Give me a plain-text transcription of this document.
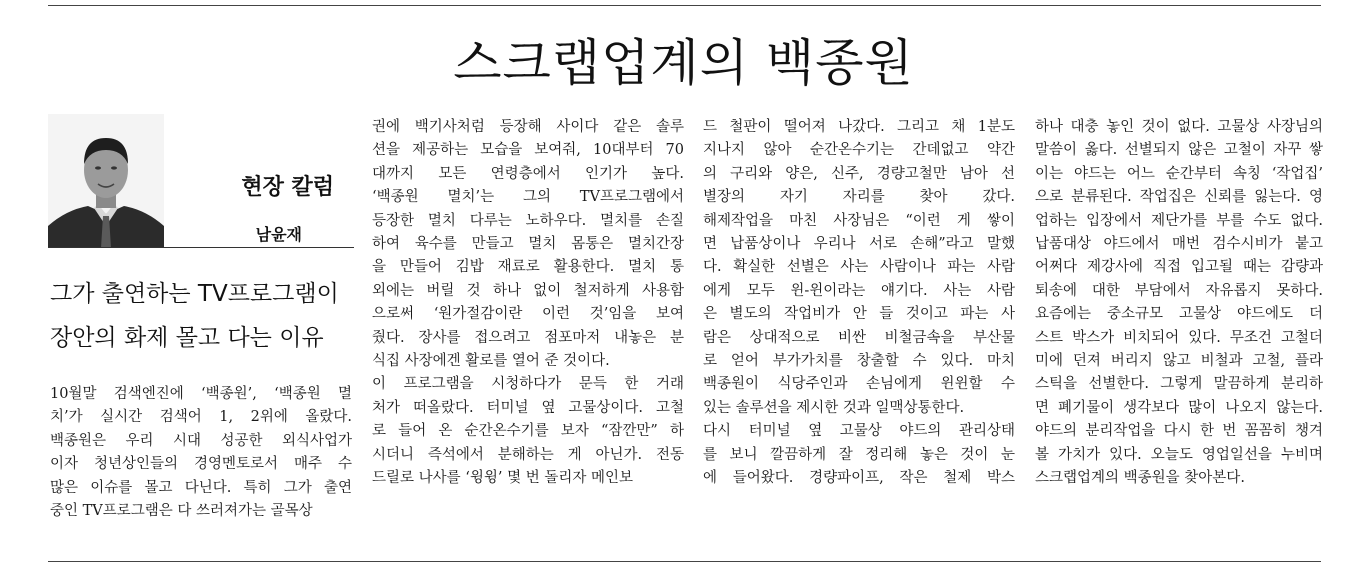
스크랩업계의 백종원
현장 칼럼
남윤재
그가 출연하는 TV프로그램이
장안의 화제 몰고 다는 이유
10월말 검색엔진에 ‘백종원’, ‘백종원 멸
치’가 실시간 검색어 1, 2위에 올랐다.
백종원은 우리 시대 성공한 외식사업가
이자 청년상인들의 경영멘토로서 매주 수
많은 이슈를 몰고 다닌다. 특히 그가 출연
중인 TV프로그램은 다 쓰러져가는 골목상
권에 백기사처럼 등장해 사이다 같은 솔루
션을 제공하는 모습을 보여줘, 10대부터 70
대까지 모든 연령층에서 인기가 높다.
‘백종원 멸치’는 그의 TV프로그램에서
등장한 멸치 다루는 노하우다. 멸치를 손질
하여 육수를 만들고 멸치 몸통은 멸치간장
을 만들어 김밥 재료로 활용한다. 멸치 통
외에는 버릴 것 하나 없이 철저하게 사용함
으로써 ‘원가절감이란 이런 것’임을 보여
줬다. 장사를 접으려고 점포마저 내놓은 분
식집 사장에겐 활로를 열어 준 것이다.
이 프로그램을 시청하다가 문득 한 거래
처가 떠올랐다. 터미널 옆 고물상이다. 고철
로 들어 온 순간온수기를 보자 “잠깐만” 하
시더니 즉석에서 분해하는 게 아닌가. 전동
드릴로 나사를 ‘윙윙’ 몇 번 돌리자 메인보
드 철판이 떨어져 나갔다. 그리고 채 1분도
지나지 않아 순간온수기는 간데없고 약간
의 구리와 양은, 신주, 경량고철만 남아 선
별장의 자기 자리를 찾아 갔다.
해제작업을 마친 사장님은 “이런 게 쌓이
면 납품상이나 우리나 서로 손해”라고 말했
다. 확실한 선별은 사는 사람이나 파는 사람
에게 모두 윈-윈이라는 얘기다. 사는 사람
은 별도의 작업비가 안 들 것이고 파는 사
람은 상대적으로 비싼 비철금속을 부산물
로 얻어 부가가치를 창출할 수 있다. 마치
백종원이 식당주인과 손님에게 윈윈할 수
있는 솔루션을 제시한 것과 일맥상통한다.
다시 터미널 옆 고물상 야드의 관리상태
를 보니 깔끔하게 잘 정리해 놓은 것이 눈
에 들어왔다. 경량파이프, 작은 철제 박스
하나 대충 놓인 것이 없다. 고물상 사장님의
말씀이 옳다. 선별되지 않은 고철이 자꾸 쌓
이는 야드는 어느 순간부터 속칭 ‘작업집’
으로 분류된다. 작업집은 신뢰를 잃는다. 영
업하는 입장에서 제단가를 부를 수도 없다.
납품대상 야드에서 매번 검수시비가 붙고
어쩌다 제강사에 직접 입고될 때는 감량과
퇴송에 대한 부담에서 자유롭지 못하다.
요즘에는 중소규모 고물상 야드에도 더
스트 박스가 비치되어 있다. 무조건 고철더
미에 던져 버리지 않고 비철과 고철, 플라
스틱을 선별한다. 그렇게 말끔하게 분리하
면 폐기물이 생각보다 많이 나오지 않는다.
야드의 분리작업을 다시 한 번 꼼꼼히 챙겨
볼 가치가 있다. 오늘도 영업일선을 누비며
스크랩업계의 백종원을 찾아본다.
